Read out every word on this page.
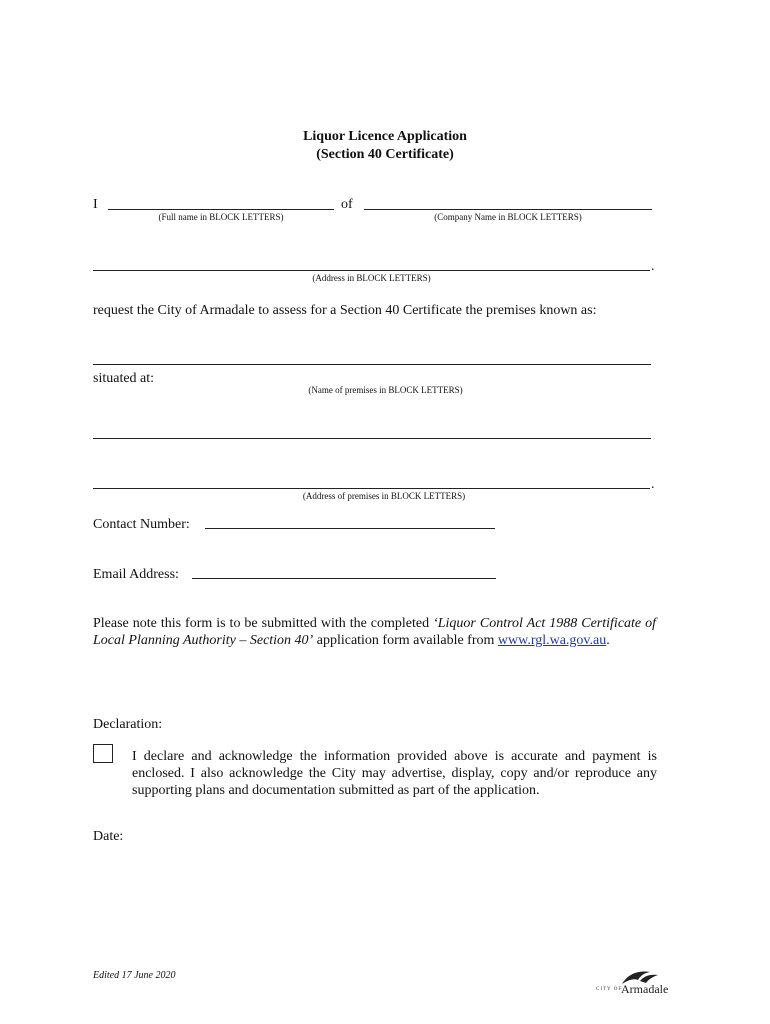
Liquor Licence Application
(Section 40 Certificate)
I	of
(Full name in BLOCK LETTERS)	(Company Name in BLOCK LETTERS)
.
(Address in BLOCK LETTERS)
request the City of Armadale to assess for a Section 40 Certificate the premises known as:
situated at:
(Name of premises in BLOCK LETTERS)
.
(Address of premises in BLOCK LETTERS)
Contact Number:
Email Address:
Please note this form is to be submitted with the completed ‘Liquor Control Act 1988 Certificate of Local Planning Authority – Section 40’ application form available from www.rgl.wa.gov.au.
Declaration:
I declare and acknowledge the information provided above is accurate and payment is enclosed. I also acknowledge the City may advertise, display, copy and/or reproduce any supporting plans and documentation submitted as part of the application.
Date:
Edited 17 June 2020
CITY OF
Armadale
